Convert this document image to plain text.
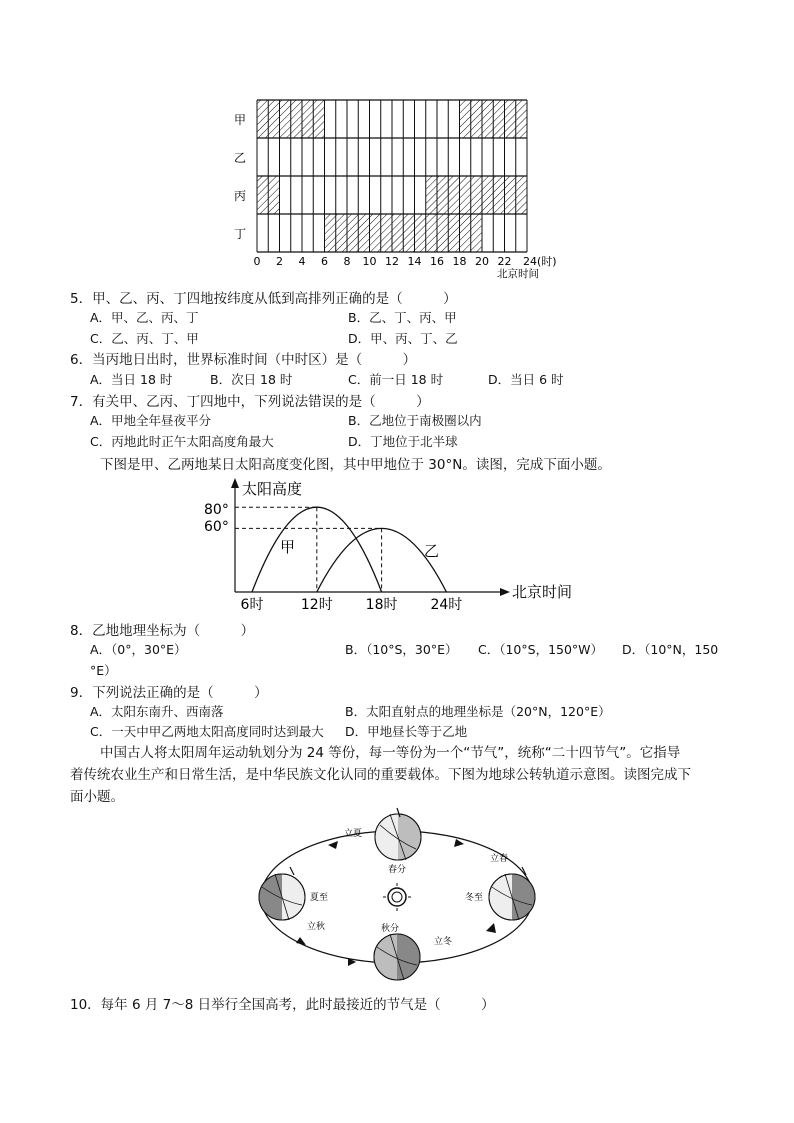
甲
乙
丙
丁
0 2 4 6 8 10 12 14 16 18 20 22 24(时)
北京时间
5．甲、乙、丙、丁四地按纬度从低到高排列正确的是（　　　）
A．甲、乙、丙、丁	B．乙、丁、丙、甲
C．乙、丙、丁、甲	D．甲、丙、丁、乙
6．当丙地日出时，世界标准时间（中时区）是（　　　）
A．当日 18 时	B．次日 18 时	C．前一日 18 时	D．当日 6 时
7．有关甲、乙丙、丁四地中，下列说法错误的是（　　　）
A．甲地全年昼夜平分	B．乙地位于南极圈以内
C．丙地此时正午太阳高度角最大	D．丁地位于北半球
下图是甲、乙两地某日太阳高度变化图，其中甲地位于 30°N。读图，完成下面小题。
太阳高度
北京时间
80°
60°
6时	12时 18时 24时
甲	乙
8．乙地地理坐标为（　　　）
A．（0°，30°E）	B．（10°S，30°E） C．（10°S，150°W） D．（10°N，150
°E）
9．下列说法正确的是（　　　）
A．太阳东南升、西南落	B．太阳直射点的地理坐标是（20°N，120°E）
C．一天中甲乙两地太阳高度同时达到最大 D．甲地昼长等于乙地
中国古人将太阳周年运动轨划分为 24 等份，每一等份为一个“节气”，统称“二十四节气”。它指导
着传统农业生产和日常生活，是中华民族文化认同的重要载体。下图为地球公转轨道示意图。读图完成下
面小题。
立夏
立春
春分
夏至	冬至
立秋	秋分
立冬
10．每年 6 月 7～8 日举行全国高考，此时最接近的节气是（　　　）
